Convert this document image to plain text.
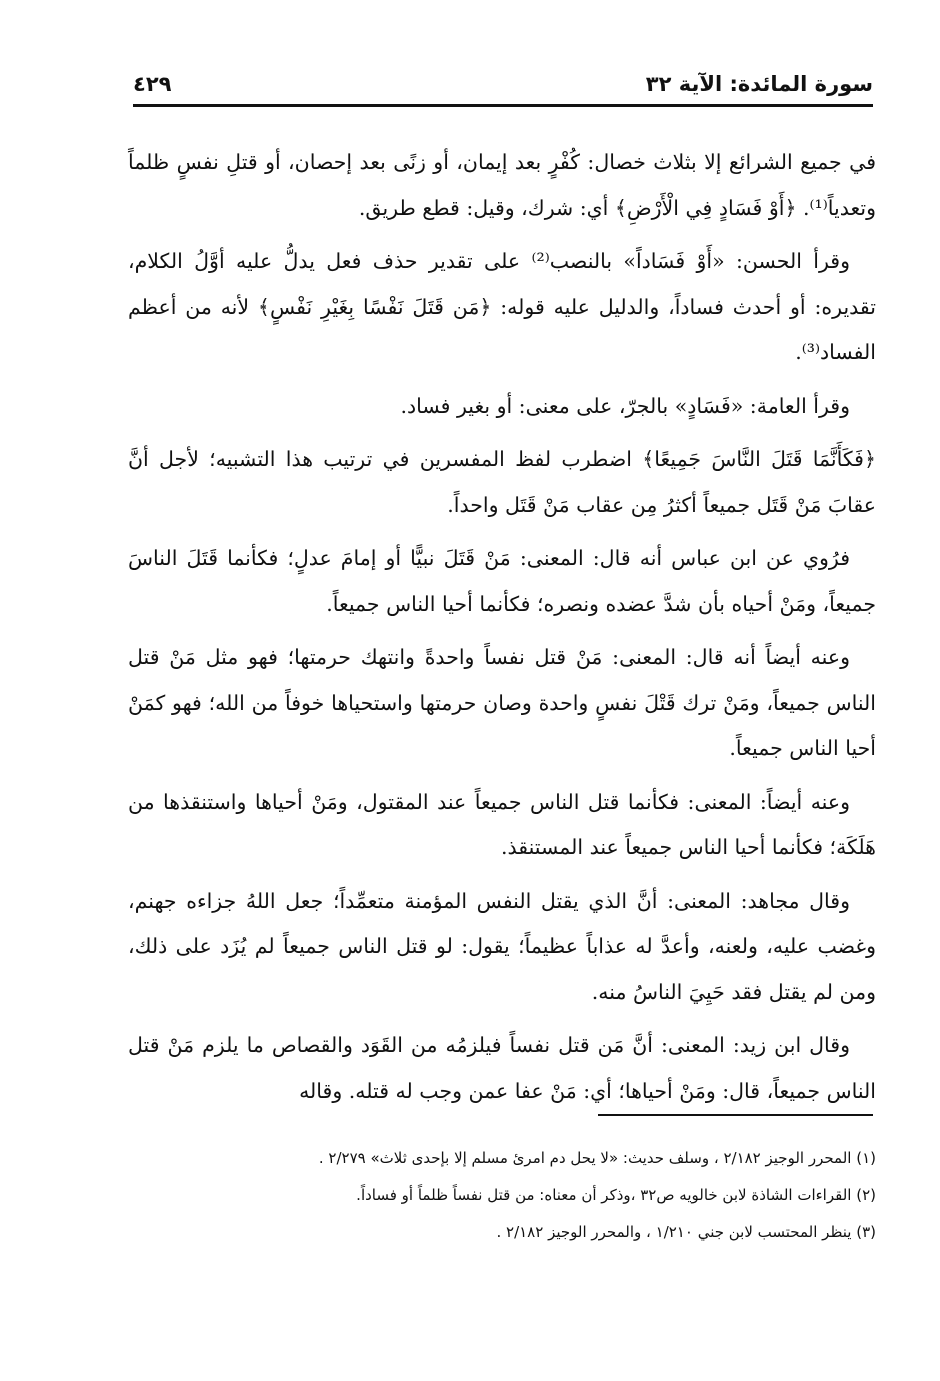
سورة المائدة: الآية ٣٢
٤٢٩

في جميع الشرائع إلا بثلاث خصال: كُفْرٍ بعد إيمان، أو زنًى بعد إحصان، أو قتلِ نفسٍ ظلماً وتعدياً⁽¹⁾. ﴿أَوْ فَسَادٍ فِي الْأَرْضِ﴾ أي: شرك، وقيل: قطع طريق.

وقرأ الحسن: «أَوْ فَسَاداً» بالنصب⁽²⁾ على تقدير حذف فعل يدلُّ عليه أوَّلُ الكلام، تقديره: أو أحدث فساداً، والدليل عليه قوله: ﴿مَن قَتَلَ نَفْسًا بِغَيْرِ نَفْسٍ﴾ لأنه من أعظم الفساد⁽³⁾.

وقرأ العامة: «فَسَادٍ» بالجرّ، على معنى: أو بغير فساد.

﴿فَكَأَنَّمَا قَتَلَ النَّاسَ جَمِيعًا﴾ اضطرب لفظ المفسرين في ترتيب هذا التشبيه؛ لأجل أنَّ عقابَ مَنْ قَتَل جميعاً أكثرُ مِن عقاب مَنْ قَتَل واحداً.

فرُوي عن ابن عباس أنه قال: المعنى: مَنْ قَتَلَ نبيًّا أو إمامَ عدلٍ؛ فكأنما قَتَلَ الناسَ جميعاً، ومَنْ أحياه بأن شدَّ عضده ونصره؛ فكأنما أحيا الناس جميعاً.

وعنه أيضاً أنه قال: المعنى: مَنْ قتل نفساً واحدةً وانتهك حرمتها؛ فهو مثل مَنْ قتل الناس جميعاً، ومَنْ ترك قَتْلَ نفسٍ واحدة وصان حرمتها واستحياها خوفاً من الله؛ فهو كمَنْ أحيا الناس جميعاً.

وعنه أيضاً: المعنى: فكأنما قتل الناس جميعاً عند المقتول، ومَنْ أحياها واستنقذها من هَلَكَة؛ فكأنما أحيا الناس جميعاً عند المستنقذ.

وقال مجاهد: المعنى: أنَّ الذي يقتل النفس المؤمنة متعمِّداً؛ جعل اللهُ جزاءه جهنم، وغضب عليه، ولعنه، وأعدَّ له عذاباً عظيماً؛ يقول: لو قتل الناس جميعاً لم يُزَد على ذلك، ومن لم يقتل فقد حَيِيَ الناسُ منه.

وقال ابن زيد: المعنى: أنَّ مَن قتل نفساً فيلزمُه من القَوَد والقصاص ما يلزم مَنْ قتل الناس جميعاً، قال: ومَنْ أحياها؛ أي: مَنْ عفا عمن وجب له قتله. وقاله

(١) المحرر الوجيز ٢/١٨٢ ، وسلف حديث: «لا يحل دم امرئ مسلم إلا بإحدى ثلاث» ٢/٢٧٩ .
(٢) القراءات الشاذة لابن خالويه ص٣٢ ،وذكر أن معناه: من قتل نفساً ظلماً أو فساداً.
(٣) ينظر المحتسب لابن جني ١/٢١٠ ، والمحرر الوجيز ٢/١٨٢ .
